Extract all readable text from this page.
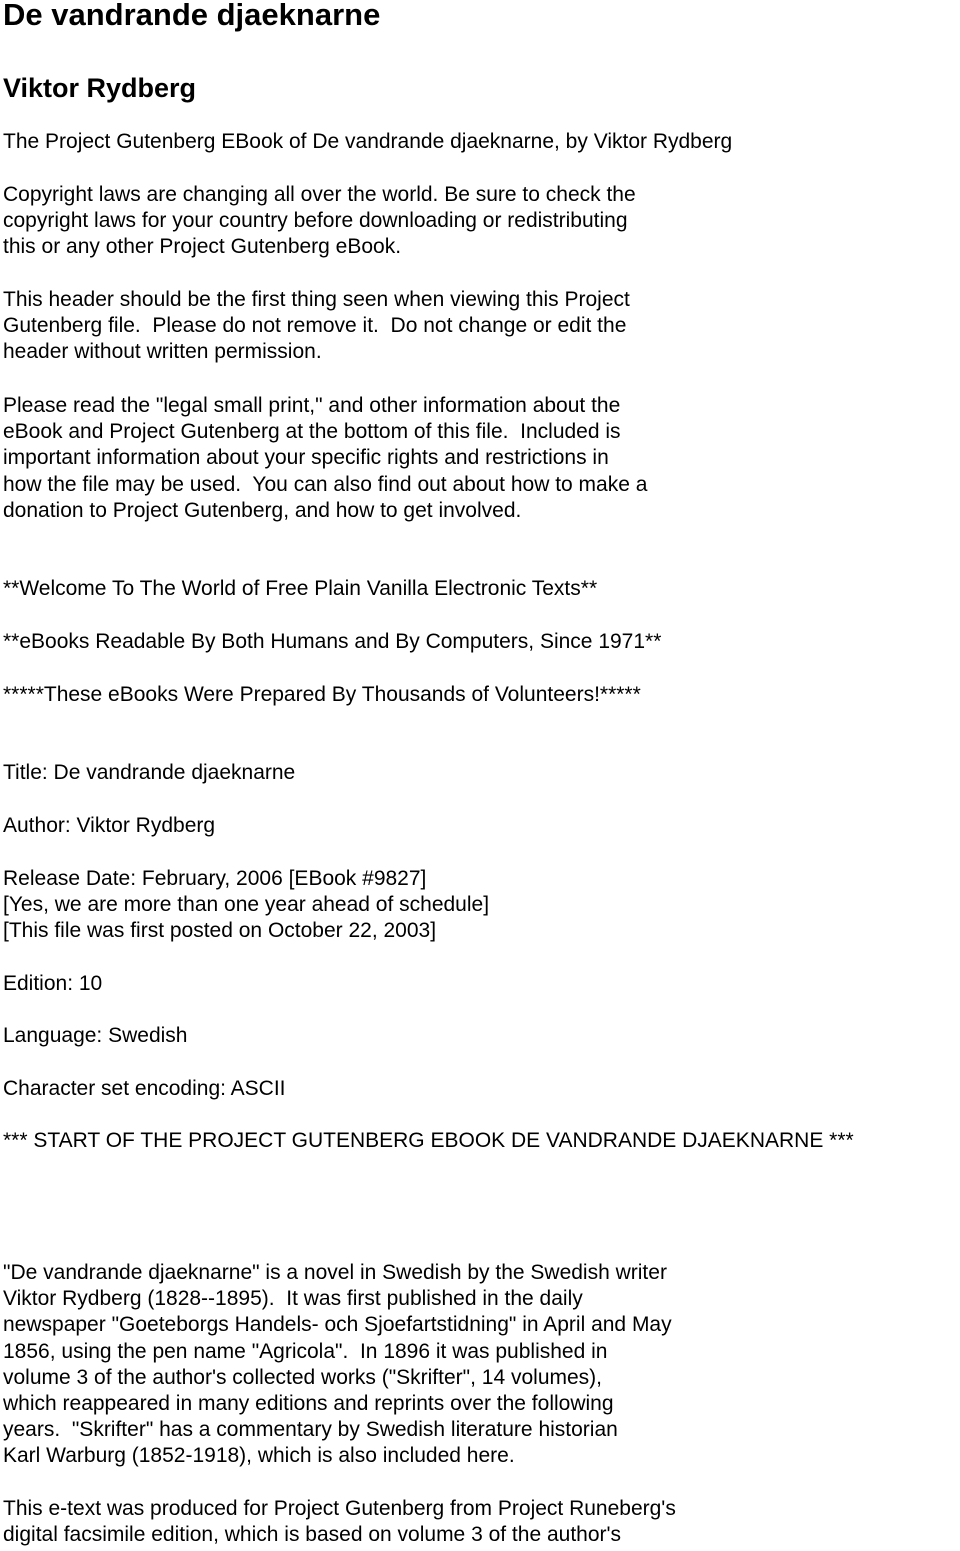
De vandrande djaeknarne
Viktor Rydberg

The Project Gutenberg EBook of De vandrande djaeknarne, by Viktor Rydberg

Copyright laws are changing all over the world. Be sure to check the
copyright laws for your country before downloading or redistributing
this or any other Project Gutenberg eBook.

This header should be the first thing seen when viewing this Project
Gutenberg file.  Please do not remove it.  Do not change or edit the
header without written permission.

Please read the "legal small print," and other information about the
eBook and Project Gutenberg at the bottom of this file.  Included is
important information about your specific rights and restrictions in
how the file may be used.  You can also find out about how to make a
donation to Project Gutenberg, and how to get involved.

**Welcome To The World of Free Plain Vanilla Electronic Texts**

**eBooks Readable By Both Humans and By Computers, Since 1971**

*****These eBooks Were Prepared By Thousands of Volunteers!*****

Title: De vandrande djaeknarne

Author: Viktor Rydberg

Release Date: February, 2006 [EBook #9827]
[Yes, we are more than one year ahead of schedule]
[This file was first posted on October 22, 2003]

Edition: 10

Language: Swedish

Character set encoding: ASCII

*** START OF THE PROJECT GUTENBERG EBOOK DE VANDRANDE DJAEKNARNE ***

"De vandrande djaeknarne" is a novel in Swedish by the Swedish writer
Viktor Rydberg (1828--1895).  It was first published in the daily
newspaper "Goeteborgs Handels- och Sjoefartstidning" in April and May
1856, using the pen name "Agricola".  In 1896 it was published in
volume 3 of the author's collected works ("Skrifter", 14 volumes),
which reappeared in many editions and reprints over the following
years.  "Skrifter" has a commentary by Swedish literature historian
Karl Warburg (1852-1918), which is also included here.

This e-text was produced for Project Gutenberg from Project Runeberg's
digital facsimile edition, which is based on volume 3 of the author's
